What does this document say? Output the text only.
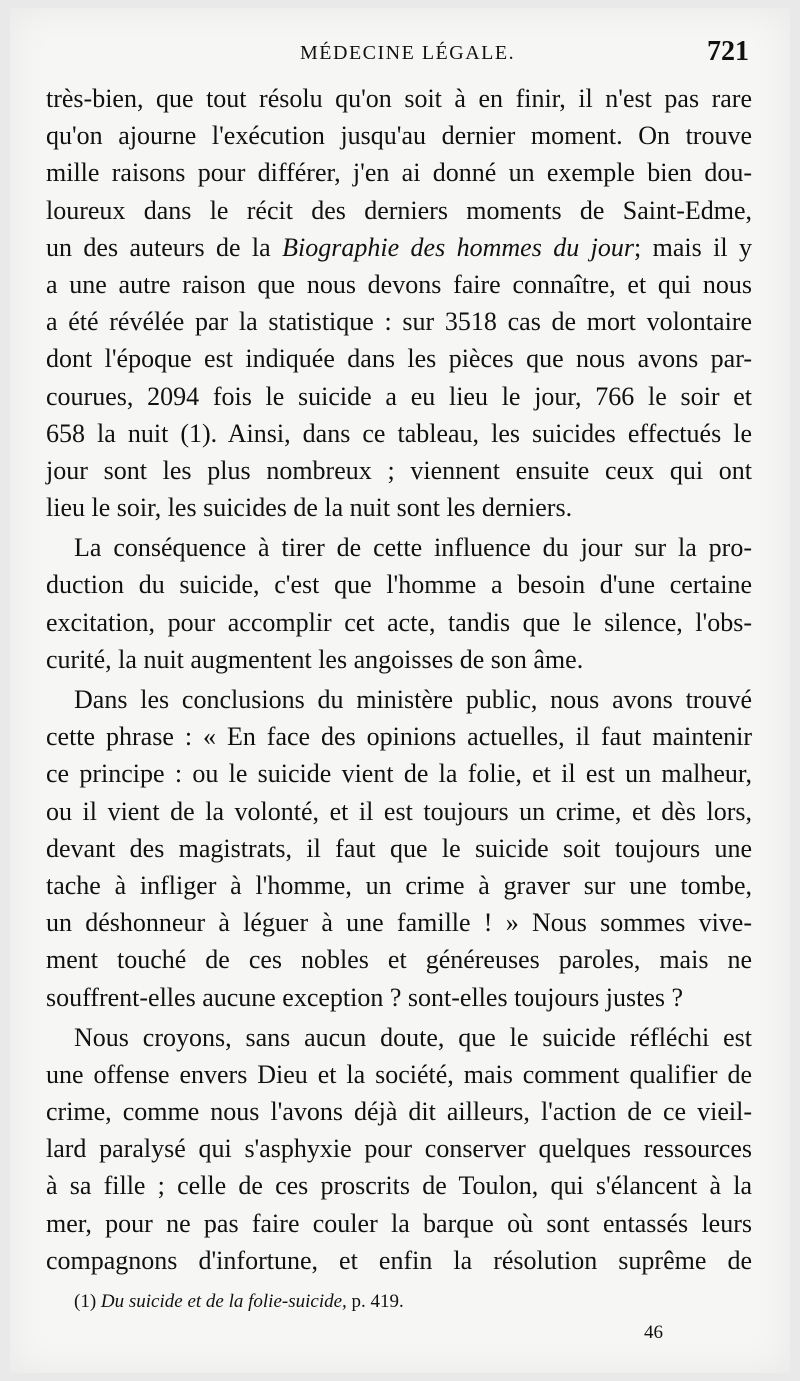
MÉDECINE LÉGALE.	721
très-bien, que tout résolu qu'on soit à en finir, il n'est pas rare
qu'on ajourne l'exécution jusqu'au dernier moment. On trouve
mille raisons pour différer, j'en ai donné un exemple bien dou-
loureux dans le récit des derniers moments de Saint-Edme,
un des auteurs de la Biographie des hommes du jour; mais il y
a une autre raison que nous devons faire connaître, et qui nous
a été révélée par la statistique : sur 3518 cas de mort volontaire
dont l'époque est indiquée dans les pièces que nous avons par-
courues, 2094 fois le suicide a eu lieu le jour, 766 le soir et
658 la nuit (1). Ainsi, dans ce tableau, les suicides effectués le
jour sont les plus nombreux ; viennent ensuite ceux qui ont
lieu le soir, les suicides de la nuit sont les derniers.
La conséquence à tirer de cette influence du jour sur la pro-
duction du suicide, c'est que l'homme a besoin d'une certaine
excitation, pour accomplir cet acte, tandis que le silence, l'obs-
curité, la nuit augmentent les angoisses de son âme.
Dans les conclusions du ministère public, nous avons trouvé
cette phrase : « En face des opinions actuelles, il faut maintenir
ce principe : ou le suicide vient de la folie, et il est un malheur,
ou il vient de la volonté, et il est toujours un crime, et dès lors,
devant des magistrats, il faut que le suicide soit toujours une
tache à infliger à l'homme, un crime à graver sur une tombe,
un déshonneur à léguer à une famille ! » Nous sommes vive-
ment touché de ces nobles et généreuses paroles, mais ne
souffrent-elles aucune exception ? sont-elles toujours justes ?
Nous croyons, sans aucun doute, que le suicide réfléchi est
une offense envers Dieu et la société, mais comment qualifier de
crime, comme nous l'avons déjà dit ailleurs, l'action de ce vieil-
lard paralysé qui s'asphyxie pour conserver quelques ressources
à sa fille ; celle de ces proscrits de Toulon, qui s'élancent à la
mer, pour ne pas faire couler la barque où sont entassés leurs
compagnons d'infortune, et enfin la résolution suprême de
(1) Du suicide et de la folie-suicide, p. 419.
46
